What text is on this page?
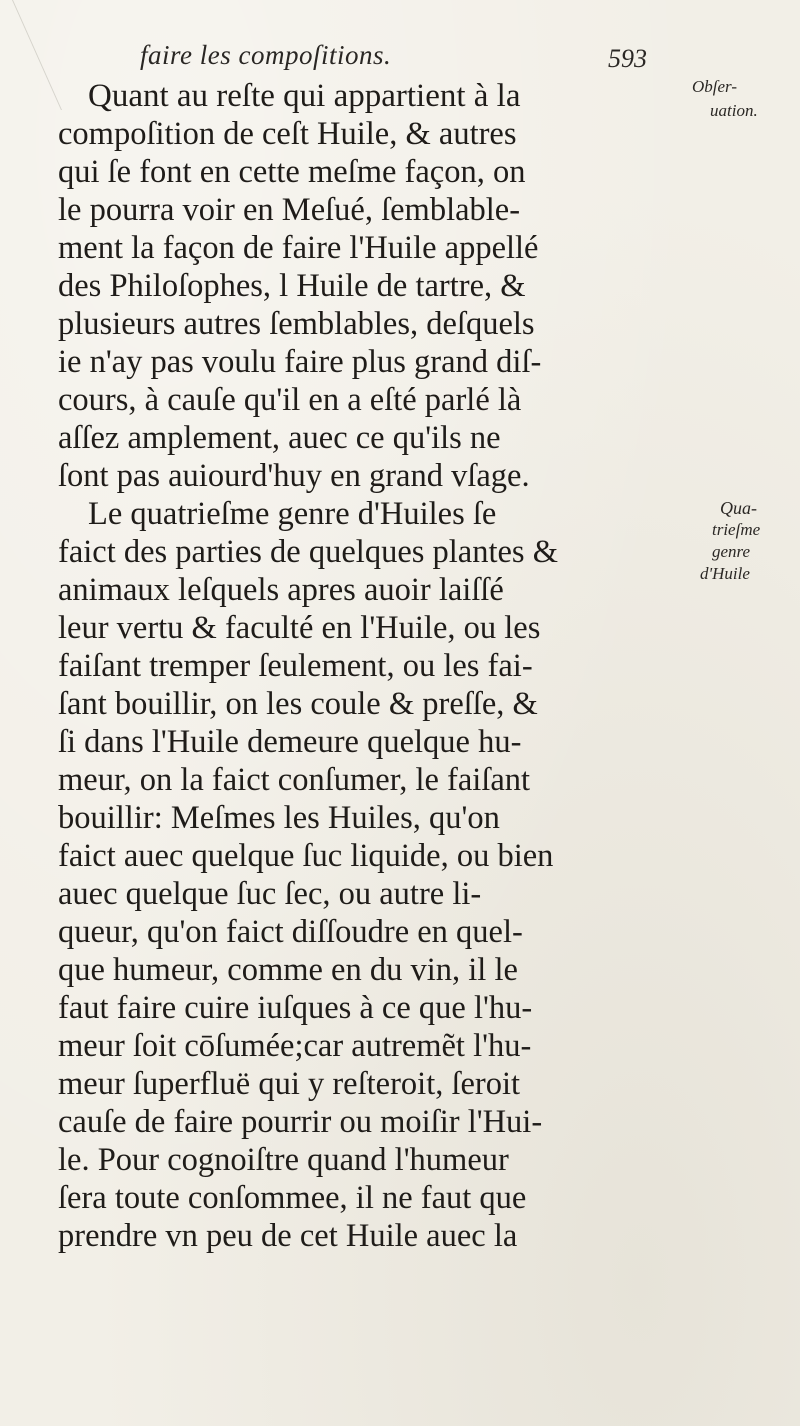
faire les compoſitions.	593
Quant au reſte qui appartient à la
compoſition de ceſt Huile, & autres
qui ſe font en cette meſme façon, on
le pourra voir en Meſué, ſemblable-
ment la façon de faire l'Huile appellé
des Philoſophes, l Huile de tartre, &
plusieurs autres ſemblables, deſquels
ie n'ay pas voulu faire plus grand diſ-
cours, à cauſe qu'il en a eſté parlé là
aſſez amplement, auec ce qu'ils ne
ſont pas auiourd'huy en grand vſage.
Le quatrieſme genre d'Huiles ſe
faict des parties de quelques plantes &
animaux leſquels apres auoir laiſſé
leur vertu & faculté en l'Huile, ou les
faiſant tremper ſeulement, ou les fai-
ſant bouillir, on les coule & preſſe, &
ſi dans l'Huile demeure quelque hu-
meur, on la faict conſumer, le faiſant
bouillir: Meſmes les Huiles, qu'on
faict auec quelque ſuc liquide, ou bien
auec quelque ſuc ſec, ou autre li-
queur, qu'on faict diſſoudre en quel-
que humeur, comme en du vin, il le
faut faire cuire iuſques à ce que l'hu-
meur ſoit cōſumée;car autremẽt l'hu-
meur ſuperfluë qui y reſteroit, ſeroit
cauſe de faire pourrir ou moiſir l'Hui-
le. Pour cognoiſtre quand l'humeur
ſera toute conſommee, il ne faut que
prendre vn peu de cet Huile auec la
Obſer-
uation.
Qua-
trieſme
genre
d'Huile
